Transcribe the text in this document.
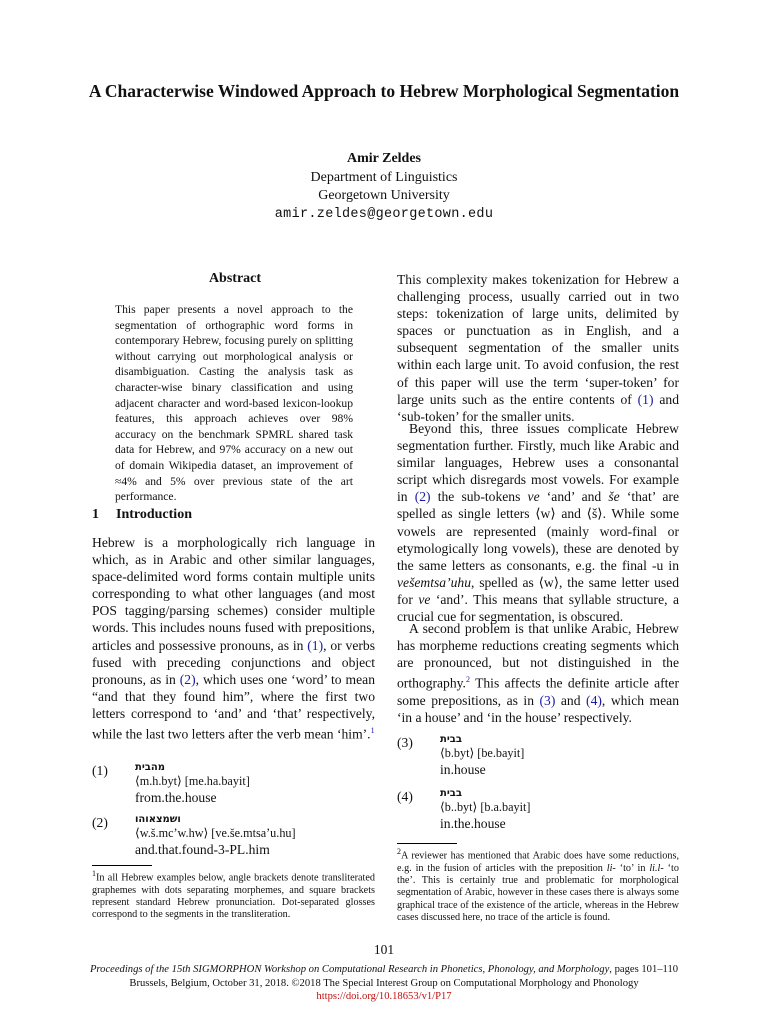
A Characterwise Windowed Approach to Hebrew Morphological Segmentation
Amir Zeldes
Department of Linguistics
Georgetown University
amir.zeldes@georgetown.edu
Abstract
This paper presents a novel approach to the segmentation of orthographic word forms in contemporary Hebrew, focusing purely on splitting without carrying out morphological analysis or disambiguation. Casting the analysis task as character-wise binary classification and using adjacent character and word-based lexicon-lookup features, this approach achieves over 98% accuracy on the benchmark SPMRL shared task data for Hebrew, and 97% accuracy on a new out of domain Wikipedia dataset, an improvement of ≈4% and 5% over previous state of the art performance.
1 Introduction
Hebrew is a morphologically rich language in which, as in Arabic and other similar languages, space-delimited word forms contain multiple units corresponding to what other languages (and most POS tagging/parsing schemes) consider multiple words. This includes nouns fused with prepositions, articles and possessive pronouns, as in (1), or verbs fused with preceding conjunctions and object pronouns, as in (2), which uses one ‘word’ to mean “and that they found him”, where the first two letters correspond to ‘and’ and ‘that’ respectively, while the last two letters after the verb mean ‘him’.$^1$
(1)	מהבית
⟨m.h.byt⟩ [me.ha.bayit]
from.the.house
(2)	ושמצאוהו
⟨w.š.mc’w.hw⟩ [ve.še.mtsa’u.hu]
and.that.found-3-PL.him
$^1$In all Hebrew examples below, angle brackets denote transliterated graphemes with dots separating morphemes, and square brackets represent standard Hebrew pronunciation. Dot-separated glosses correspond to the segments in the transliteration.
This complexity makes tokenization for Hebrew a challenging process, usually carried out in two steps: tokenization of large units, delimited by spaces or punctuation as in English, and a subsequent segmentation of the smaller units within each large unit. To avoid confusion, the rest of this paper will use the term ‘super-token’ for large units such as the entire contents of (1) and ‘sub-token’ for the smaller units.
Beyond this, three issues complicate Hebrew segmentation further. Firstly, much like Arabic and similar languages, Hebrew uses a consonantal script which disregards most vowels. For example in (2) the sub-tokens ve ‘and’ and še ‘that’ are spelled as single letters ⟨w⟩ and ⟨š⟩. While some vowels are represented (mainly word-final or etymologically long vowels), these are denoted by the same letters as consonants, e.g. the final -u in vešemtsa’uhu, spelled as ⟨w⟩, the same letter used for ve ‘and’. This means that syllable structure, a crucial cue for segmentation, is obscured.
A second problem is that unlike Arabic, Hebrew has morpheme reductions creating segments which are pronounced, but not distinguished in the orthography.$^2$ This affects the definite article after some prepositions, as in (3) and (4), which mean ‘in a house’ and ‘in the house’ respectively.
(3)	בבית
⟨b.byt⟩ [be.bayit]
in.house
(4)	בבית
⟨b..byt⟩ [b.a.bayit]
in.the.house
$^2$A reviewer has mentioned that Arabic does have some reductions, e.g. in the fusion of articles with the preposition li- ‘to’ in li.l- ‘to the’. This is certainly true and problematic for morphological segmentation of Arabic, however in these cases there is always some graphical trace of the existence of the article, whereas in the Hebrew cases discussed here, no trace of the article is found.
101
Proceedings of the 15th SIGMORPHON Workshop on Computational Research in Phonetics, Phonology, and Morphology, pages 101–110
Brussels, Belgium, October 31, 2018. ©2018 The Special Interest Group on Computational Morphology and Phonology
https://doi.org/10.18653/v1/P17
